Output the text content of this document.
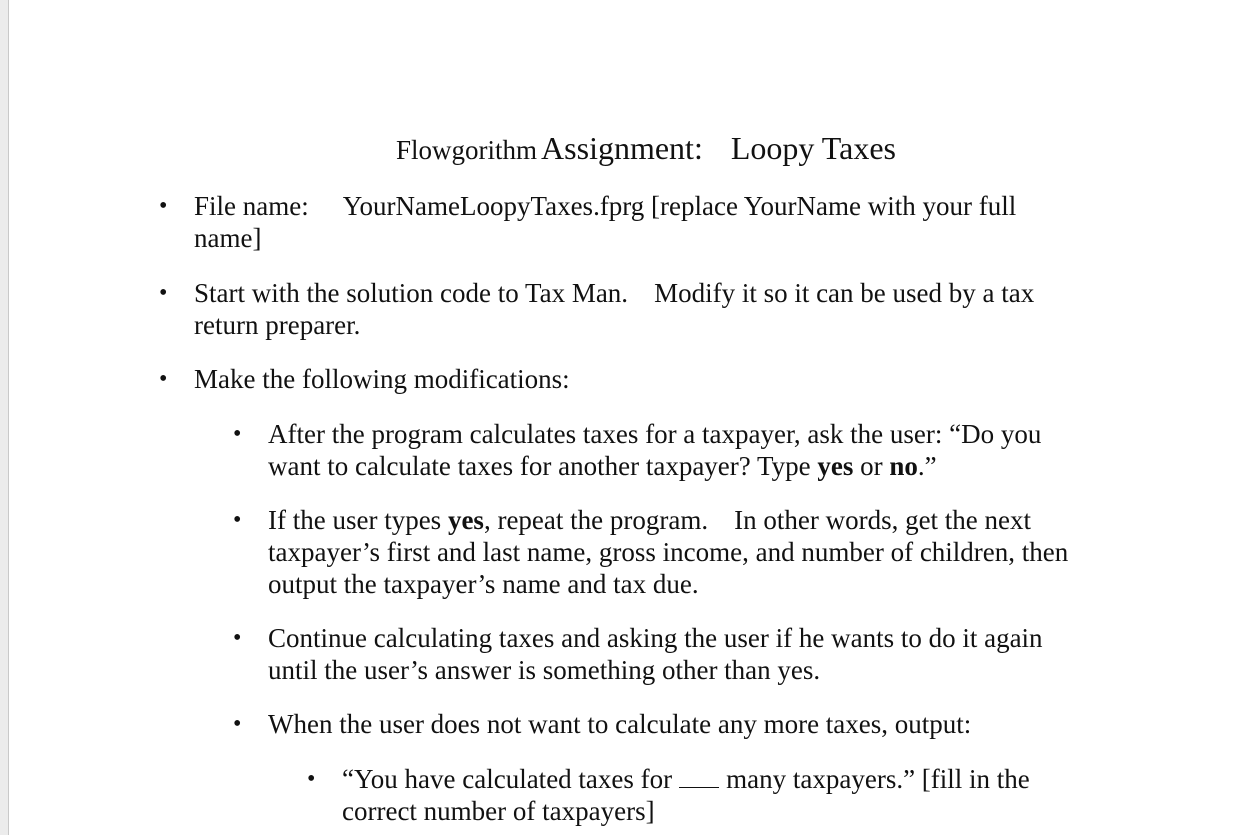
Flowgorithm Assignment: Loopy Taxes
• File name: YourNameLoopyTaxes.fprg [replace YourName with your full
name]
• Start with the solution code to Tax Man. Modify it so it can be used by a tax
return preparer.
• Make the following modifications:
• After the program calculates taxes for a taxpayer, ask the user: “Do you
want to calculate taxes for another taxpayer? Type yes or no.”
• If the user types yes, repeat the program. In other words, get the next
taxpayer’s first and last name, gross income, and number of children, then
output the taxpayer’s name and tax due.
• Continue calculating taxes and asking the user if he wants to do it again
until the user’s answer is something other than yes.
• When the user does not want to calculate any more taxes, output:
• “You have calculated taxes for many taxpayers.” [fill in the
correct number of taxpayers]
